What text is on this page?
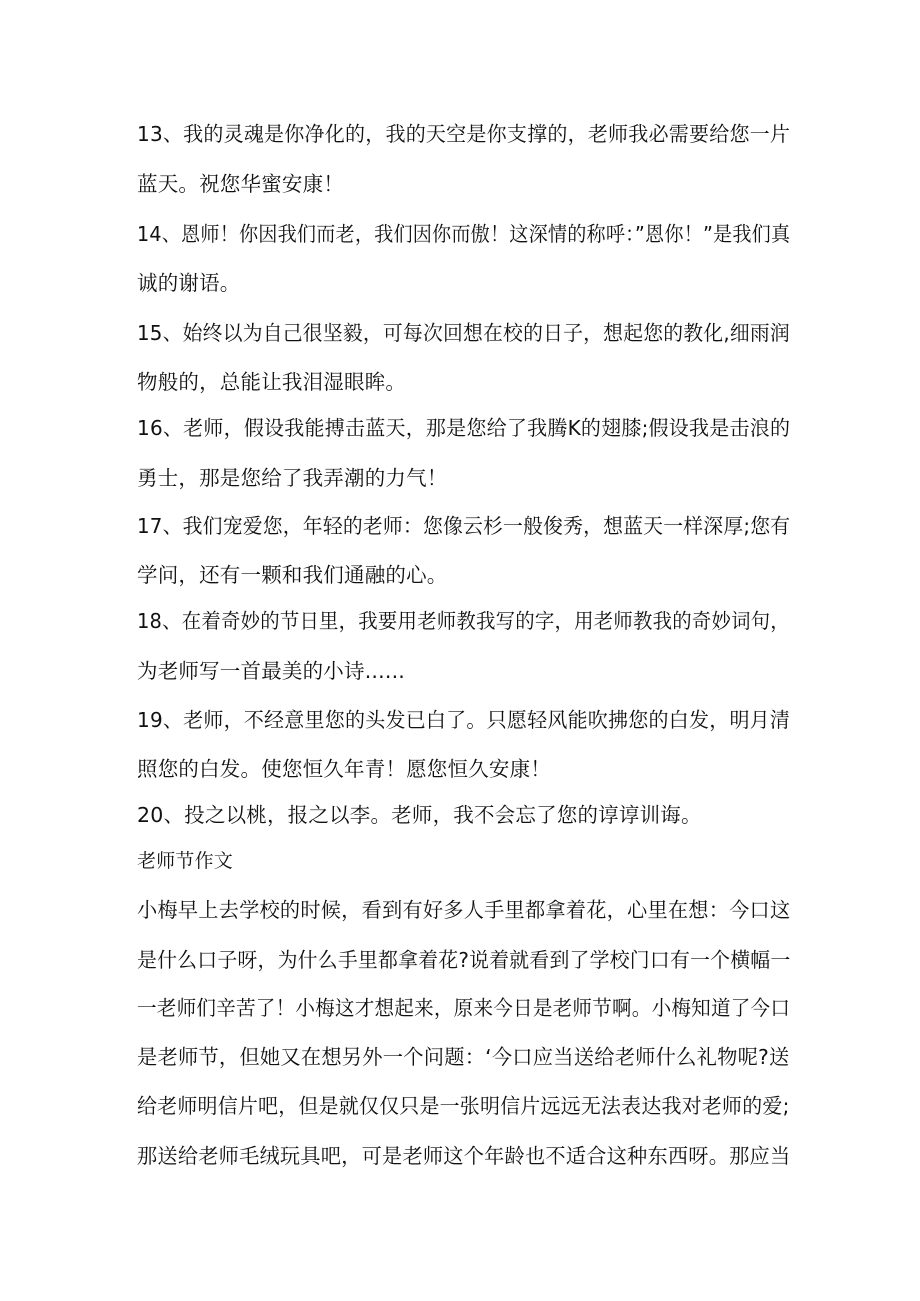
13、我的灵魂是你净化的，我的天空是你支撑的，老师我必需要给您一片
蓝天。祝您华蜜安康！
14、恩师！你因我们而老，我们因你而傲！这深情的称呼：”恩你！”是我们真
诚的谢语。
15、始终以为自己很坚毅，可每次回想在校的日子，想起您的教化,细雨润
物般的，总能让我泪湿眼眸。
16、老师，假设我能搏击蓝天，那是您给了我腾K的翅膝;假设我是击浪的
勇士，那是您给了我弄潮的力气！
17、我们宠爱您，年轻的老师：您像云杉一般俊秀，想蓝天一样深厚;您有
学问，还有一颗和我们通融的心。
18、在着奇妙的节日里，我要用老师教我写的字，用老师教我的奇妙词句，
为老师写一首最美的小诗......
19、老师，不经意里您的头发已白了。只愿轻风能吹拂您的白发，明月清
照您的白发。使您恒久年青！愿您恒久安康！
20、投之以桃，报之以李。老师，我不会忘了您的谆谆训诲。
老师节作文
小梅早上去学校的时候，看到有好多人手里都拿着花，心里在想：今口这
是什么口子呀，为什么手里都拿着花?说着就看到了学校门口有一个横幅一
一老师们辛苦了！小梅这才想起来，原来今日是老师节啊。小梅知道了今口
是老师节，但她又在想另外一个问题：‘今口应当送给老师什么礼物呢?送
给老师明信片吧，但是就仅仅只是一张明信片远远无法表达我对老师的爱;
那送给老师毛绒玩具吧，可是老师这个年龄也不适合这种东西呀。那应当
